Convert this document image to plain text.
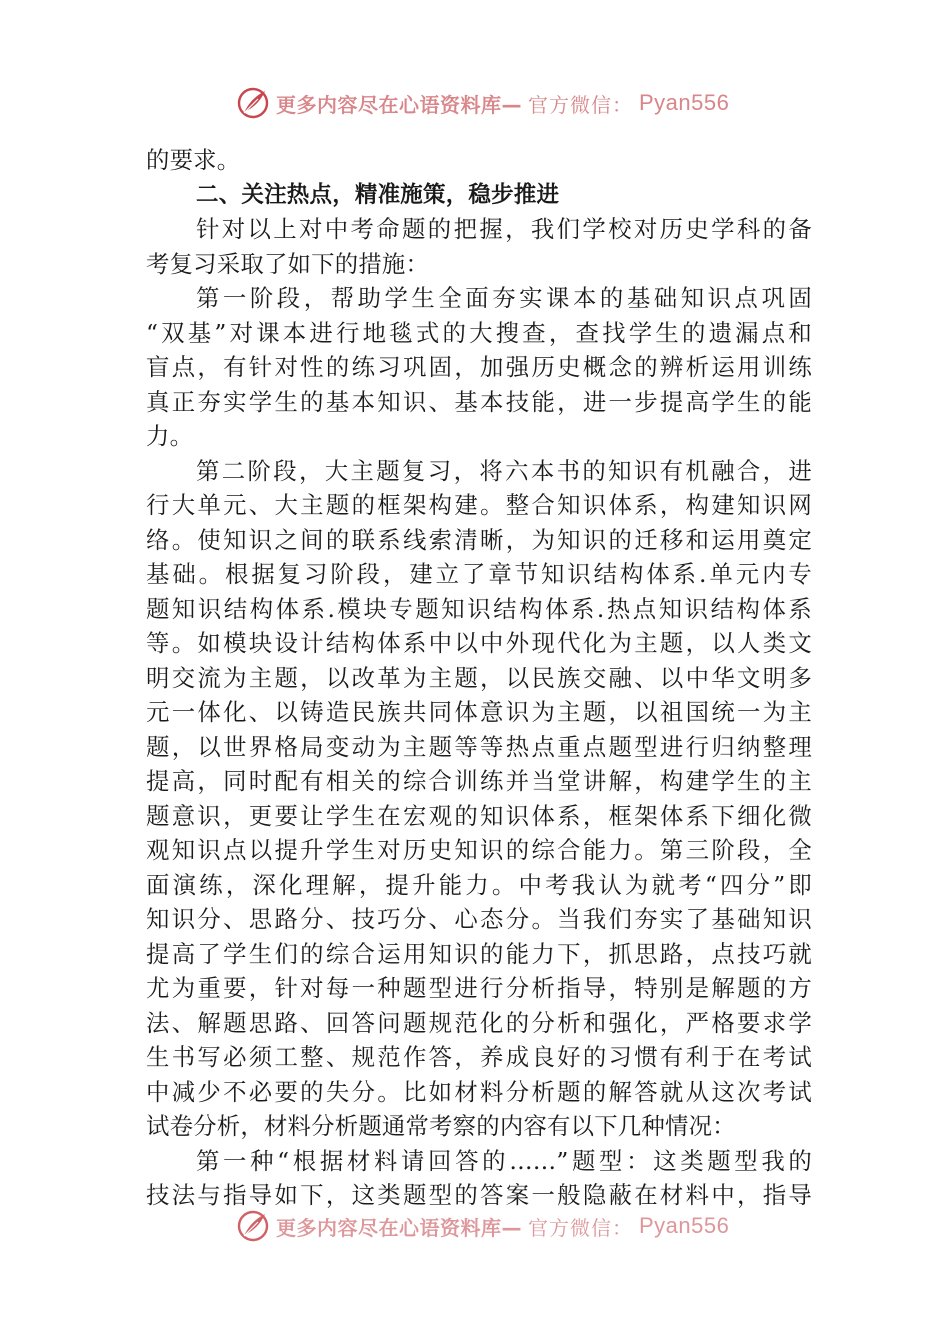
更多内容尽在心语资料库— 官方微信： Pyan556
的要求。
二、关注热点，精准施策，稳步推进
针对以上对中考命题的把握，我们学校对历史学科的备
考复习采取了如下的措施：
第一阶段，帮助学生全面夯实课本的基础知识点巩固
“双基”对课本进行地毯式的大搜查，查找学生的遗漏点和
盲点，有针对性的练习巩固，加强历史概念的辨析运用训练
真正夯实学生的基本知识、基本技能，进一步提高学生的能
力。
第二阶段，大主题复习，将六本书的知识有机融合，进
行大单元、大主题的框架构建。整合知识体系，构建知识网
络。使知识之间的联系线索清晰，为知识的迁移和运用奠定
基础。根据复习阶段，建立了章节知识结构体系.单元内专
题知识结构体系.模块专题知识结构体系.热点知识结构体系
等。如模块设计结构体系中以中外现代化为主题，以人类文
明交流为主题，以改革为主题，以民族交融、以中华文明多
元一体化、以铸造民族共同体意识为主题，以祖国统一为主
题，以世界格局变动为主题等等热点重点题型进行归纳整理
提高，同时配有相关的综合训练并当堂讲解，构建学生的主
题意识，更要让学生在宏观的知识体系，框架体系下细化微
观知识点以提升学生对历史知识的综合能力。第三阶段，全
面演练，深化理解，提升能力。中考我认为就考“四分”即
知识分、思路分、技巧分、心态分。当我们夯实了基础知识
提高了学生们的综合运用知识的能力下，抓思路，点技巧就
尤为重要，针对每一种题型进行分析指导，特别是解题的方
法、解题思路、回答问题规范化的分析和强化，严格要求学
生书写必须工整、规范作答，养成良好的习惯有利于在考试
中减少不必要的失分。比如材料分析题的解答就从这次考试
试卷分析，材料分析题通常考察的内容有以下几种情况：
第一种“根据材料请回答的……”题型：这类题型我的
技法与指导如下，这类题型的答案一般隐蔽在材料中，指导
更多内容尽在心语资料库— 官方微信： Pyan556
